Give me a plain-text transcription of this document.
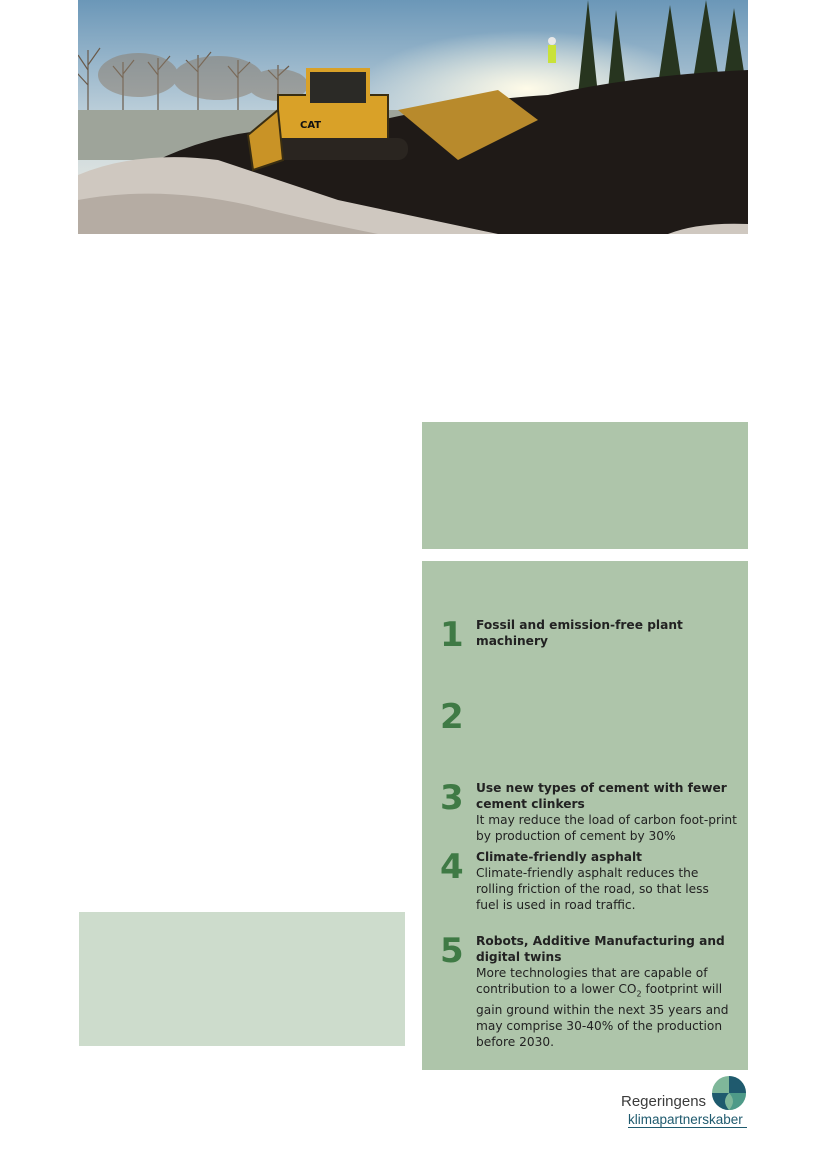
CAT
1 Fossil and emission-free plant machinery
2
3 Use new types of cement with fewer cement clinkers
It may reduce the load of carbon foot-print by production of cement by 30%
4 Climate-friendly asphalt
Climate-friendly asphalt reduces the rolling friction of the road, so that less fuel is used in road traffic.
5 Robots, Additive Manufacturing and digital twins
More technologies that are capable of contribution to a lower $CO_2$ footprint will gain ground within the next 35 years and may comprise 30-40% of the production before 2030.
Regeringens
klimapartnerskaber
